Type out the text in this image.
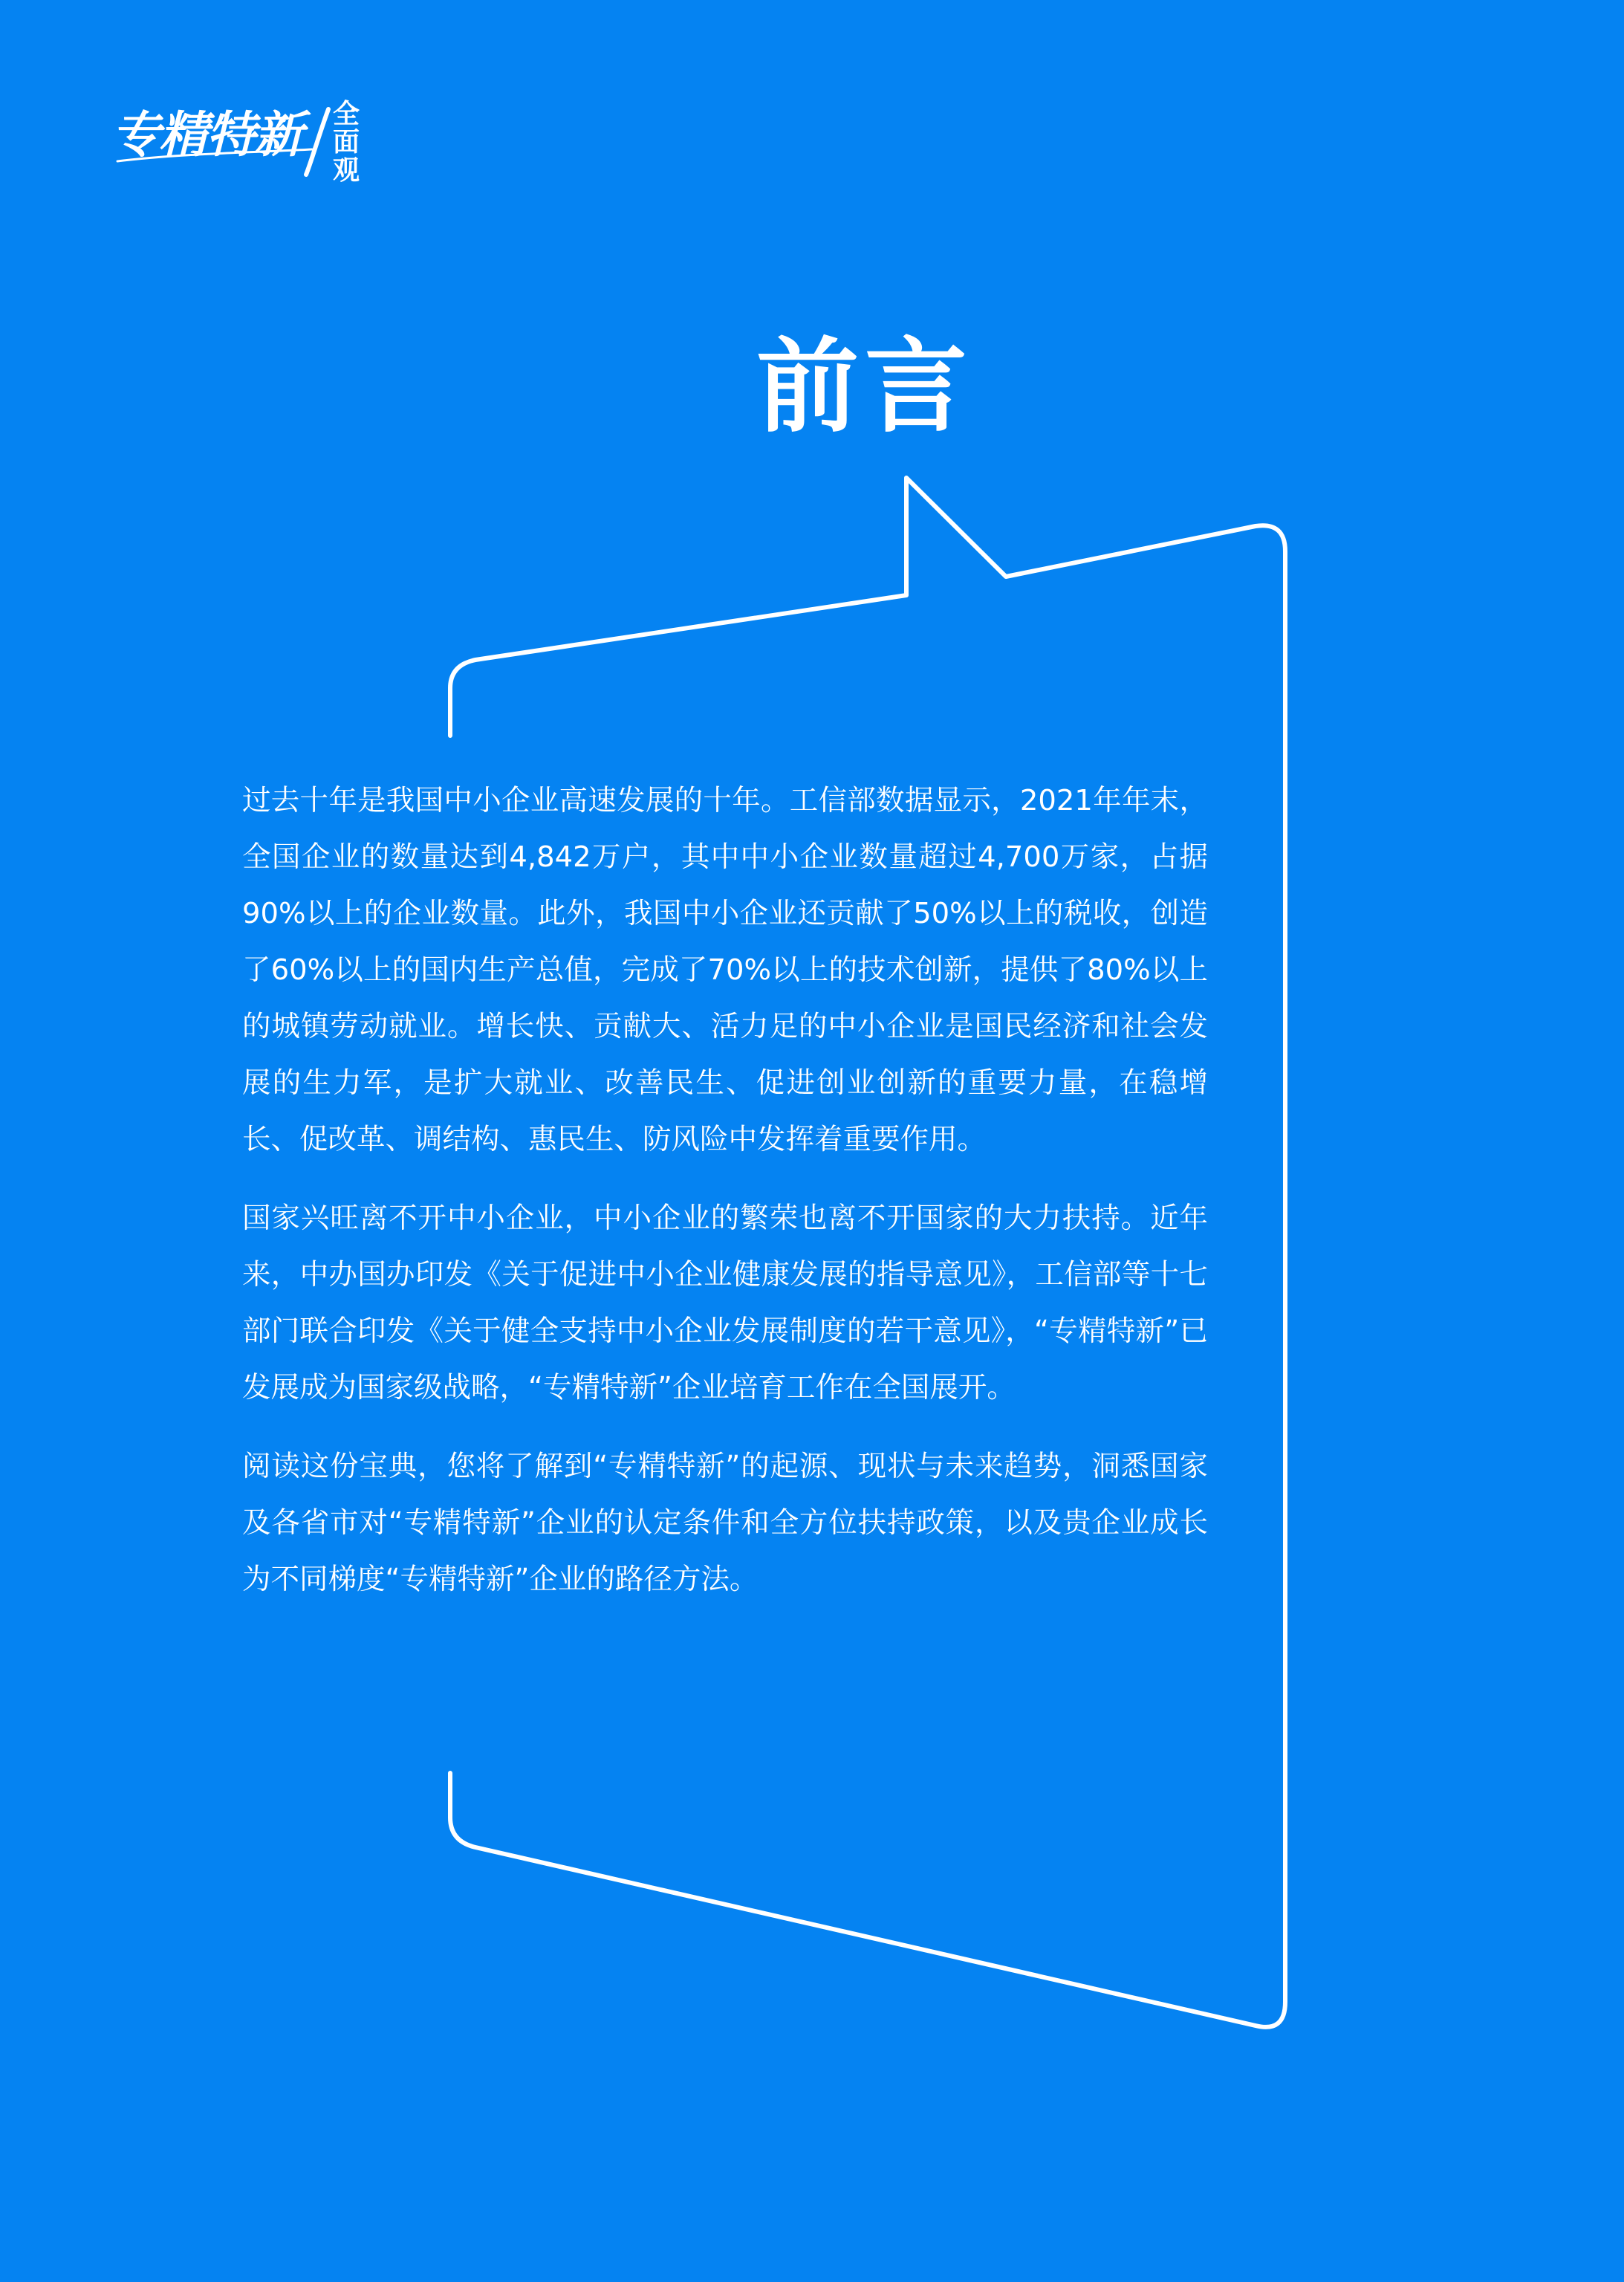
专精特新 全
面
观
前言

过去十年是我国中小企业高速发展的十年。工信部数据显示，2021年年末，全国企业的数量达到4,842万户，其中中小企业数量超过4,700万家，占据90%以上的企业数量。此外，我国中小企业还贡献了50%以上的税收，创造了60%以上的国内生产总值，完成了70%以上的技术创新，提供了80%以上的城镇劳动就业。增长快、贡献大、活力足的中小企业是国民经济和社会发展的生力军，是扩大就业、改善民生、促进创业创新的重要力量，在稳增长、促改革、调结构、惠民生、防风险中发挥着重要作用。

国家兴旺离不开中小企业，中小企业的繁荣也离不开国家的大力扶持。近年来，中办国办印发《关于促进中小企业健康发展的指导意见》，工信部等十七部门联合印发《关于健全支持中小企业发展制度的若干意见》，“专精特新”已发展成为国家级战略，“专精特新”企业培育工作在全国展开。

阅读这份宝典，您将了解到“专精特新”的起源、现状与未来趋势，洞悉国家及各省市对“专精特新”企业的认定条件和全方位扶持政策，以及贵企业成长为不同梯度“专精特新”企业的路径方法。
